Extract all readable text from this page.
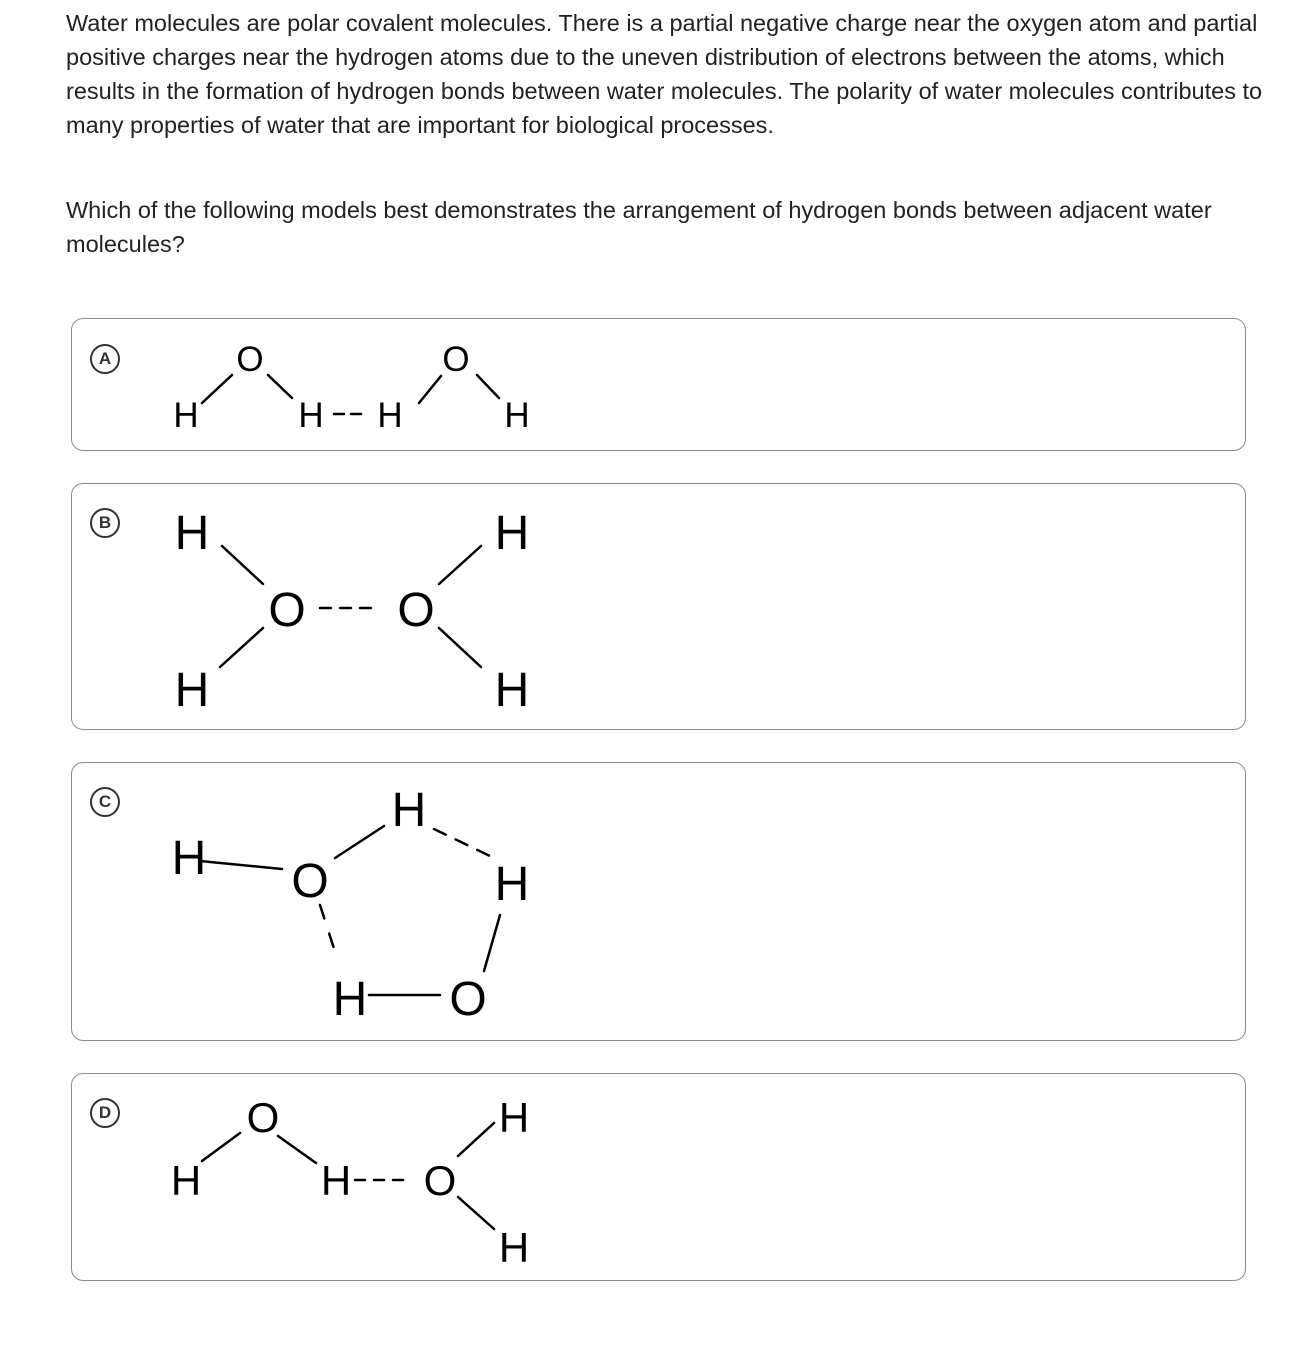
Water molecules are polar covalent molecules. There is a partial negative charge near the oxygen atom and partial positive charges near the hydrogen atoms due to the uneven distribution of electrons between the atoms, which results in the formation of hydrogen bonds between water molecules. The polarity of water molecules contributes to many properties of water that are important for biological processes.

Which of the following models best demonstrates the arrangement of hydrogen bonds between adjacent water molecules?

A	O	O
H	H H	H
B H
H
O O
H
H
C
H O
H
H
H O
D	O
H	H O
H
H
